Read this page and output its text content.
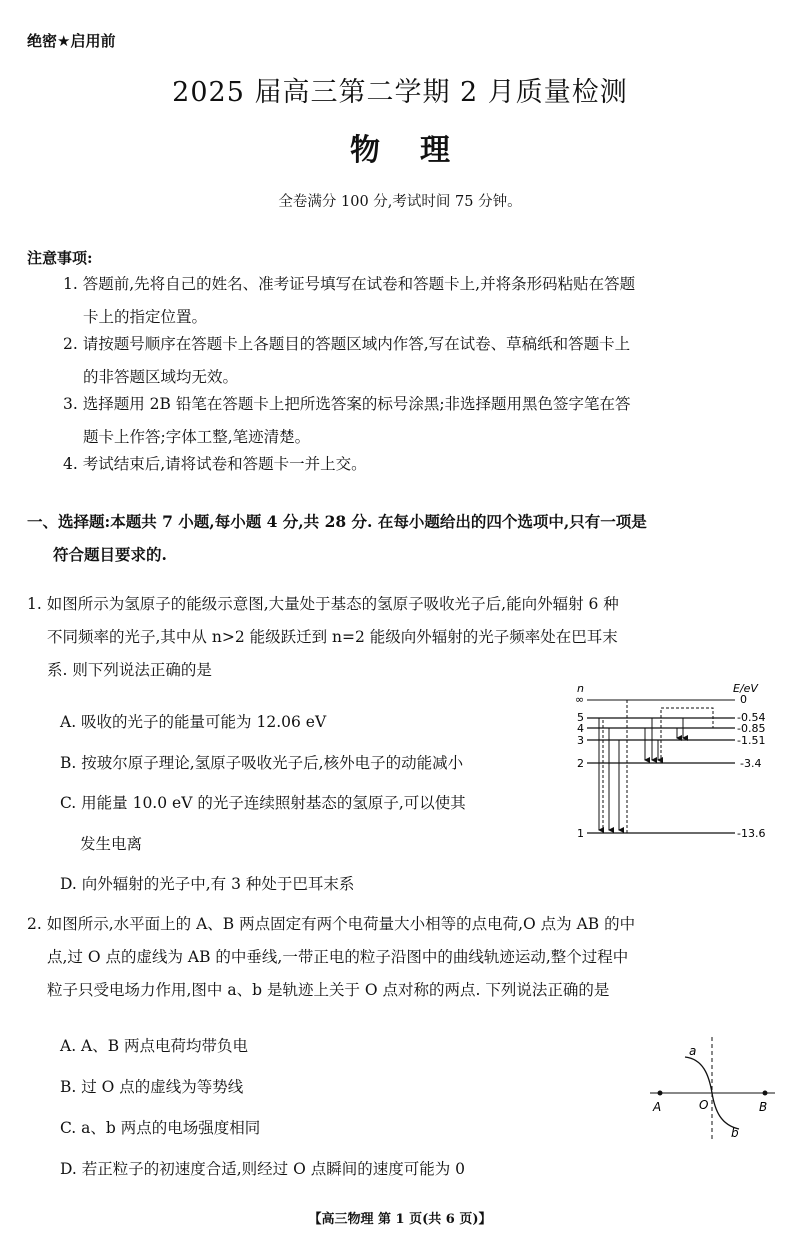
绝密★启用前
2025 届高三第二学期 2 月质量检测
物理
全卷满分 100 分,考试时间 75 分钟。
注意事项:
1. 答题前,先将自己的姓名、准考证号填写在试卷和答题卡上,并将条形码粘贴在答题
卡上的指定位置。
2. 请按题号顺序在答题卡上各题目的答题区域内作答,写在试卷、草稿纸和答题卡上
的非答题区域均无效。
3. 选择题用 2B 铅笔在答题卡上把所选答案的标号涂黑;非选择题用黑色签字笔在答
题卡上作答;字体工整,笔迹清楚。
4. 考试结束后,请将试卷和答题卡一并上交。
一、选择题:本题共 7 小题,每小题 4 分,共 28 分. 在每小题给出的四个选项中,只有一项是
符合题目要求的.
1. 如图所示为氢原子的能级示意图,大量处于基态的氢原子吸收光子后,能向外辐射 6 种
不同频率的光子,其中从 n>2 能级跃迁到 n=2 能级向外辐射的光子频率处在巴耳末
系. 则下列说法正确的是
A. 吸收的光子的能量可能为 12.06 eV
B. 按玻尔原子理论,氢原子吸收光子后,核外电子的动能减小
C. 用能量 10.0 eV 的光子连续照射基态的氢原子,可以使其
发生电离
D. 向外辐射的光子中,有 3 种处于巴耳末系
n	E/eV
∞	0
5	-0.54
4	-0.85
3	-1.51
2	-3.4
1	-13.6
2. 如图所示,水平面上的 A、B 两点固定有两个电荷量大小相等的点电荷,O 点为 AB 的中
点,过 O 点的虚线为 AB 的中垂线,一带正电的粒子沿图中的曲线轨迹运动,整个过程中
粒子只受电场力作用,图中 a、b 是轨迹上关于 O 点对称的两点. 下列说法正确的是
A. A、B 两点电荷均带负电
B. 过 O 点的虚线为等势线
C. a、b 两点的电场强度相同
D. 若正粒子的初速度合适,则经过 O 点瞬间的速度可能为 0
a
b
A	O	B
【高三物理 第 1 页(共 6 页)】
